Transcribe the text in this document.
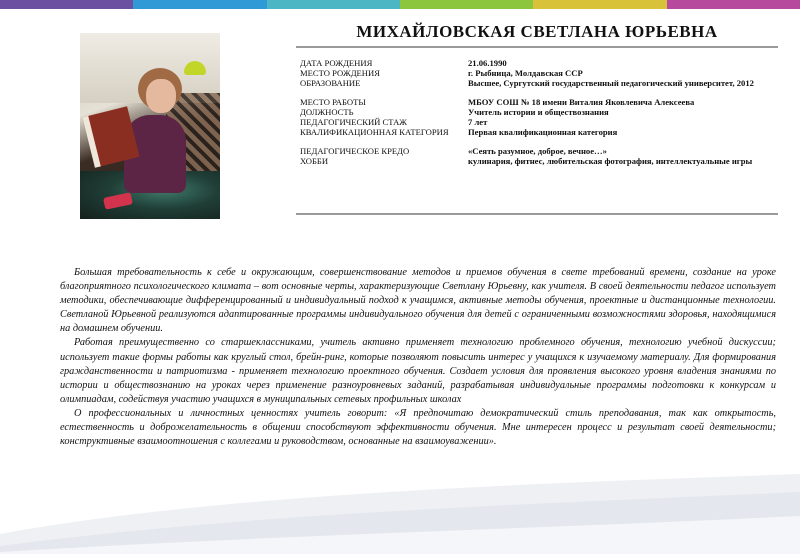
МИХАЙЛОВСКАЯ СВЕТЛАНА ЮРЬЕВНА
ДАТА РОЖДЕНИЯ	21.06.1990
МЕСТО РОЖДЕНИЯ	г. Рыбница, Молдавская ССР
ОБРАЗОВАНИЕ	Высшее, Сургутский государственный педагогический университет, 2012
МЕСТО РАБОТЫ	МБОУ СОШ № 18 имени Виталия Яковлевича Алексеева
ДОЛЖНОСТЬ	Учитель истории и обществознания
ПЕДАГОГИЧЕСКИЙ СТАЖ	7 лет
КВАЛИФИКАЦИОННАЯ КАТЕГОРИЯ	Первая квалификационная категория
ПЕДАГОГИЧЕСКОЕ КРЕДО	«Сеять разумное, доброе, вечное…»
ХОББИ	кулинария, фитнес, любительская фотография, интеллектуальные игры

Большая требовательность к себе и окружающим, совершенствование методов и приемов обучения в свете требований времени, создание на уроке благоприятного психологического климата – вот основные черты, характеризующие Светлану Юрьевну, как учителя. В своей деятельности педагог использует методики, обеспечивающие дифференцированный и индивидуальный подход к учащимся, активные методы обучения, проектные и дистанционные технологии. Светланой Юрьевной реализуются адаптированные программы индивидуального обучения для детей с ограниченными возможностями здоровья, находящимися на домашнем обучении.

Работая преимущественно со старшеклассниками, учитель активно применяет технологию проблемного обучения, технологию учебной дискуссии; использует такие формы работы как круглый стол, брейн-ринг, которые позволяют повысить интерес у учащихся к изучаемому материалу. Для формирования гражданственности и патриотизма - применяет технологию проектного обучения. Создает условия для проявления высокого уровня владения знаниями по истории и обществознанию на уроках через применение разноуровневых заданий, разрабатывая индивидуальные программы подготовки к конкурсам и олимпиадам, содействуя участию учащихся в муниципальных сетевых профильных школах

О профессиональных и личностных ценностях учитель говорит: «Я предпочитаю демократический стиль преподавания, так как открытость, естественность и доброжелательность в общении способствуют эффективности обучения. Мне интересен процесс и результат своей деятельности; конструктивные взаимоотношения с коллегами и руководством, основанные на взаимоуважении».
